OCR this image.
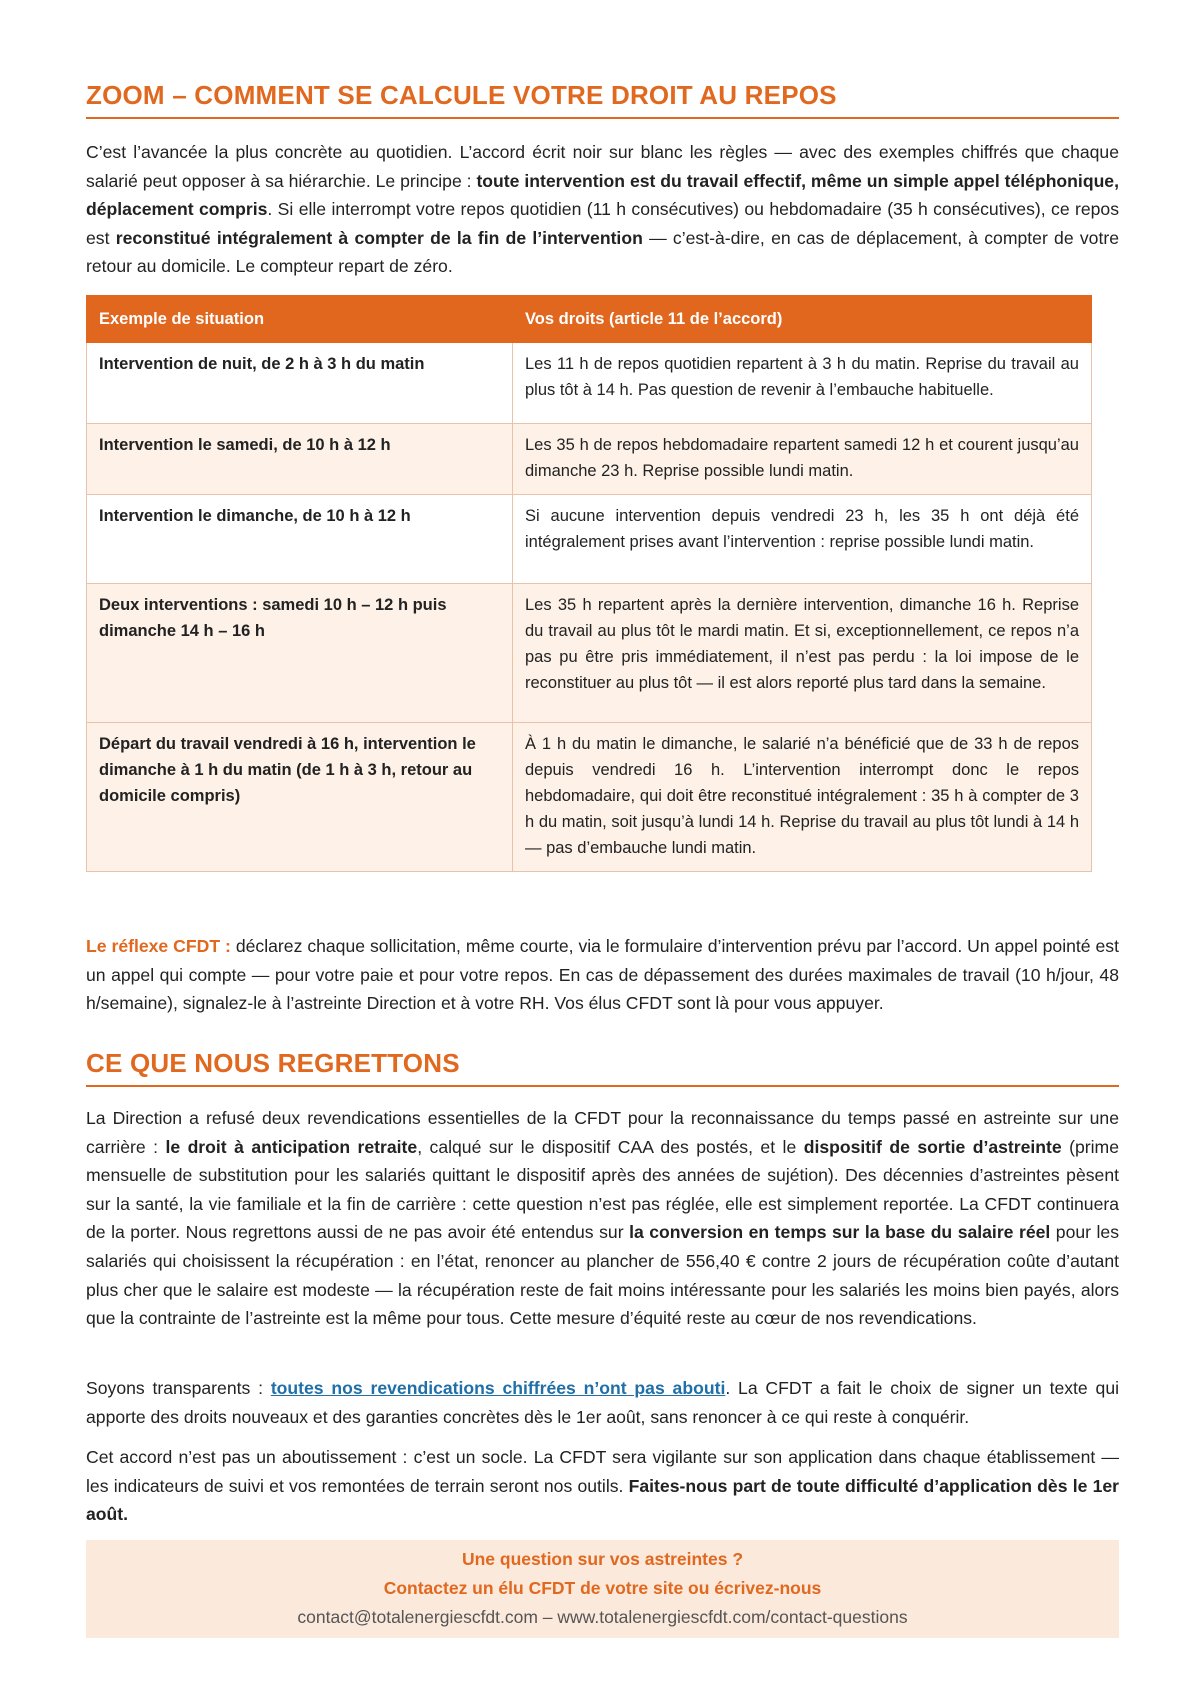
ZOOM – COMMENT SE CALCULE VOTRE DROIT AU REPOS

C’est l’avancée la plus concrète au quotidien. L’accord écrit noir sur blanc les règles — avec des exemples chiffrés que chaque salarié peut opposer à sa hiérarchie. Le principe : toute intervention est du travail effectif, même un simple appel téléphonique, déplacement compris. Si elle interrompt votre repos quotidien (11 h consécutives) ou hebdomadaire (35 h consécutives), ce repos est reconstitué intégralement à compter de la fin de l’intervention — c’est-à-dire, en cas de déplacement, à compter de votre retour au domicile. Le compteur repart de zéro.

Exemple de situation	Vos droits (article 11 de l’accord)
Intervention de nuit, de 2 h à 3 h du matin	Les 11 h de repos quotidien repartent à 3 h du matin. Reprise du travail au plus tôt à 14 h. Pas question de revenir à l’embauche habituelle.
Intervention le samedi, de 10 h à 12 h	Les 35 h de repos hebdomadaire repartent samedi 12 h et courent jusqu’au dimanche 23 h. Reprise possible lundi matin.
Intervention le dimanche, de 10 h à 12 h	Si aucune intervention depuis vendredi 23 h, les 35 h ont déjà été intégralement prises avant l’intervention : reprise possible lundi matin.
Deux interventions : samedi 10 h – 12 h puis dimanche 14 h – 16 h	Les 35 h repartent après la dernière intervention, dimanche 16 h. Reprise du travail au plus tôt le mardi matin. Et si, exceptionnellement, ce repos n’a pas pu être pris immédiatement, il n’est pas perdu : la loi impose de le reconstituer au plus tôt — il est alors reporté plus tard dans la semaine.
Départ du travail vendredi à 16 h, intervention le dimanche à 1 h du matin (de 1 h à 3 h, retour au domicile compris)	À 1 h du matin le dimanche, le salarié n’a bénéficié que de 33 h de repos depuis vendredi 16 h. L’intervention interrompt donc le repos hebdomadaire, qui doit être reconstitué intégralement : 35 h à compter de 3 h du matin, soit jusqu’à lundi 14 h. Reprise du travail au plus tôt lundi à 14 h — pas d’embauche lundi matin.

Le réflexe CFDT : déclarez chaque sollicitation, même courte, via le formulaire d’intervention prévu par l’accord. Un appel pointé est un appel qui compte — pour votre paie et pour votre repos. En cas de dépassement des durées maximales de travail (10 h/jour, 48 h/semaine), signalez-le à l’astreinte Direction et à votre RH. Vos élus CFDT sont là pour vous appuyer.

CE QUE NOUS REGRETTONS

La Direction a refusé deux revendications essentielles de la CFDT pour la reconnaissance du temps passé en astreinte sur une carrière : le droit à anticipation retraite, calqué sur le dispositif CAA des postés, et le dispositif de sortie d’astreinte (prime mensuelle de substitution pour les salariés quittant le dispositif après des années de sujétion). Des décennies d’astreintes pèsent sur la santé, la vie familiale et la fin de carrière : cette question n’est pas réglée, elle est simplement reportée. La CFDT continuera de la porter. Nous regrettons aussi de ne pas avoir été entendus sur la conversion en temps sur la base du salaire réel pour les salariés qui choisissent la récupération : en l’état, renoncer au plancher de 556,40 € contre 2 jours de récupération coûte d’autant plus cher que le salaire est modeste — la récupération reste de fait moins intéressante pour les salariés les moins bien payés, alors que la contrainte de l’astreinte est la même pour tous. Cette mesure d’équité reste au cœur de nos revendications.

Soyons transparents : toutes nos revendications chiffrées n’ont pas abouti. La CFDT a fait le choix de signer un texte qui apporte des droits nouveaux et des garanties concrètes dès le 1er août, sans renoncer à ce qui reste à conquérir.

Cet accord n’est pas un aboutissement : c’est un socle. La CFDT sera vigilante sur son application dans chaque établissement — les indicateurs de suivi et vos remontées de terrain seront nos outils. Faites-nous part de toute difficulté d’application dès le 1er août.

Une question sur vos astreintes ?
Contactez un élu CFDT de votre site ou écrivez-nous
contact@totalenergiescfdt.com – www.totalenergiescfdt.com/contact-questions
